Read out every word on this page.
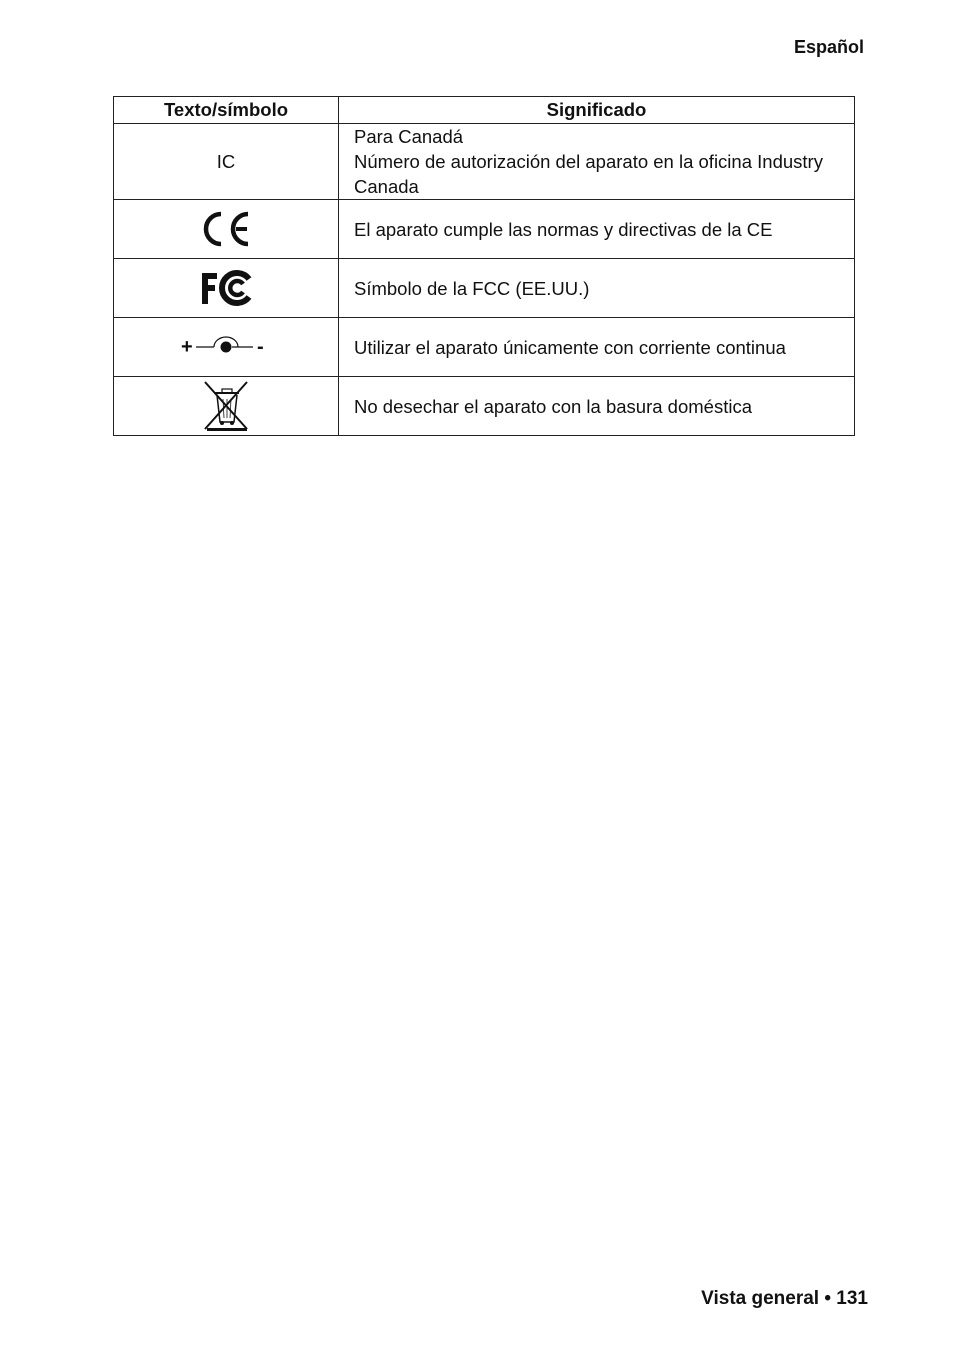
Español
Texto/símbolo	Significado
IC	Para Canadá
Número de autorización del aparato en la oficina Industry
Canada

	El aparato cumple las normas y directivas de la CE
	Símbolo de la FCC (EE.UU.)

+ -	Utilizar el aparato únicamente con corriente continua
	No desechar el aparato con la basura doméstica
Vista general • 131
